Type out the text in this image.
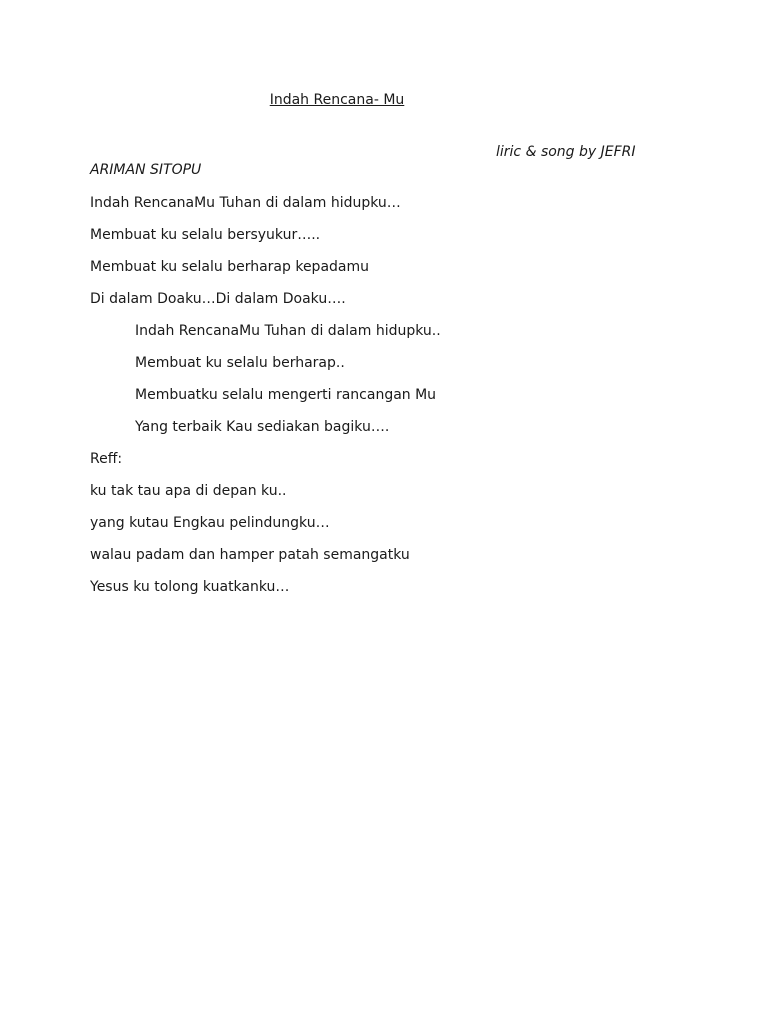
Indah Rencana- Mu
liric & song by JEFRI
ARIMAN SITOPU
Indah RencanaMu Tuhan di dalam hidupku…
Membuat ku selalu bersyukur…..
Membuat ku selalu berharap kepadamu
Di dalam Doaku…Di dalam Doaku….
Indah RencanaMu Tuhan di dalam hidupku..
Membuat ku selalu berharap..
Membuatku selalu mengerti rancangan Mu
Yang terbaik Kau sediakan bagiku….
Reff:
ku tak tau apa di depan ku..
yang kutau Engkau pelindungku…
walau padam dan hamper patah semangatku
Yesus ku tolong kuatkanku…
